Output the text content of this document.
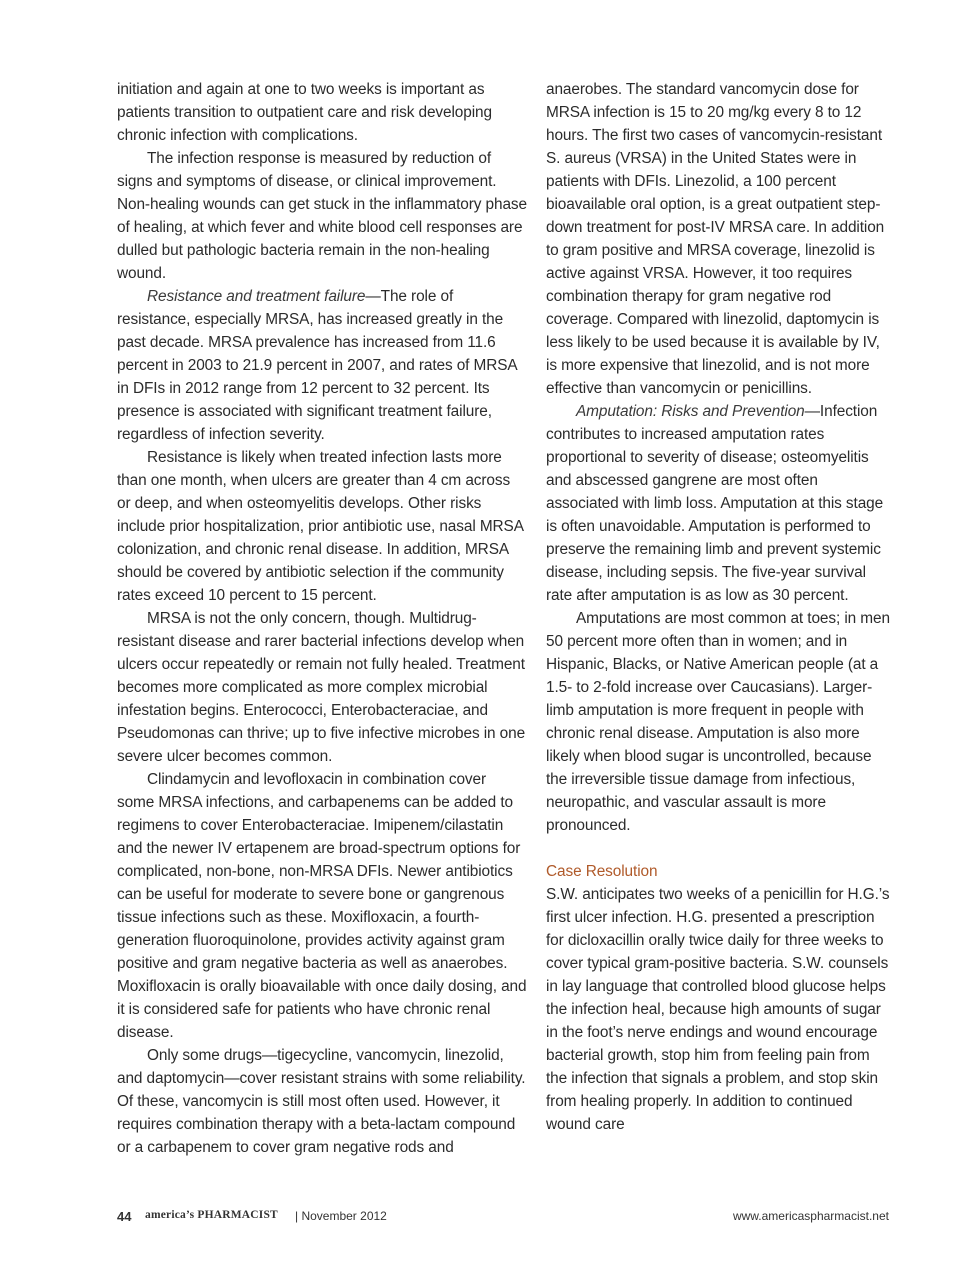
initiation and again at one to two weeks is important as patients transition to outpatient care and risk developing chronic infection with complications.

The infection response is measured by reduction of signs and symptoms of disease, or clinical improvement. Non-healing wounds can get stuck in the inflammatory phase of healing, at which fever and white blood cell responses are dulled but pathologic bacteria remain in the non-healing wound.

Resistance and treatment failure—The role of resistance, especially MRSA, has increased greatly in the past decade. MRSA prevalence has increased from 11.6 percent in 2003 to 21.9 percent in 2007, and rates of MRSA in DFIs in 2012 range from 12 percent to 32 percent. Its presence is associated with significant treatment failure, regardless of infection severity.

Resistance is likely when treated infection lasts more than one month, when ulcers are greater than 4 cm across or deep, and when osteomyelitis develops. Other risks include prior hospitalization, prior antibiotic use, nasal MRSA colonization, and chronic renal disease. In addition, MRSA should be covered by antibiotic selection if the community rates exceed 10 percent to 15 percent.

MRSA is not the only concern, though. Multidrug-resistant disease and rarer bacterial infections develop when ulcers occur repeatedly or remain not fully healed. Treatment becomes more complicated as more complex microbial infestation begins. Enterococci, Enterobacteraciae, and Pseudomonas can thrive; up to five infective microbes in one severe ulcer becomes common.

Clindamycin and levofloxacin in combination cover some MRSA infections, and carbapenems can be added to regimens to cover Enterobacteraciae. Imipenem/cilastatin and the newer IV ertapenem are broad-spectrum options for complicated, non-bone, non-MRSA DFIs. Newer antibiotics can be useful for moderate to severe bone or gangrenous tissue infections such as these. Moxifloxacin, a fourth-generation fluoroquinolone, provides activity against gram positive and gram negative bacteria as well as anaerobes. Moxifloxacin is orally bioavailable with once daily dosing, and it is considered safe for patients who have chronic renal disease.

Only some drugs—tigecycline, vancomycin, linezolid, and daptomycin—cover resistant strains with some reliability. Of these, vancomycin is still most often used. However, it requires combination therapy with a beta-lactam compound or a carbapenem to cover gram negative rods and

anaerobes. The standard vancomycin dose for MRSA infection is 15 to 20 mg/kg every 8 to 12 hours. The first two cases of vancomycin-resistant S. aureus (VRSA) in the United States were in patients with DFIs. Linezolid, a 100 percent bioavailable oral option, is a great outpatient step-down treatment for post-IV MRSA care. In addition to gram positive and MRSA coverage, linezolid is active against VRSA. However, it too requires combination therapy for gram negative rod coverage. Compared with linezolid, daptomycin is less likely to be used because it is available by IV, is more expensive that linezolid, and is not more effective than vancomycin or penicillins.

Amputation: Risks and Prevention—Infection contributes to increased amputation rates proportional to severity of disease; osteomyelitis and abscessed gangrene are most often associated with limb loss. Amputation at this stage is often unavoidable. Amputation is performed to preserve the remaining limb and prevent systemic disease, including sepsis. The five-year survival rate after amputation is as low as 30 percent.

Amputations are most common at toes; in men 50 percent more often than in women; and in Hispanic, Blacks, or Native American people (at a 1.5- to 2-fold increase over Caucasians). Larger-limb amputation is more frequent in people with chronic renal disease. Amputation is also more likely when blood sugar is uncontrolled, because the irreversible tissue damage from infectious, neuropathic, and vascular assault is more pronounced.

Case Resolution

S.W. anticipates two weeks of a penicillin for H.G.’s first ulcer infection. H.G. presented a prescription for dicloxacillin orally twice daily for three weeks to cover typical gram-positive bacteria. S.W. counsels in lay language that controlled blood glucose helps the infection heal, because high amounts of sugar in the foot’s nerve endings and wound encourage bacterial growth, stop him from feeling pain from the infection that signals a problem, and stop skin from healing properly. In addition to continued wound care

44 america’s PHARMACIST | November 2012	www.americaspharmacist.net
